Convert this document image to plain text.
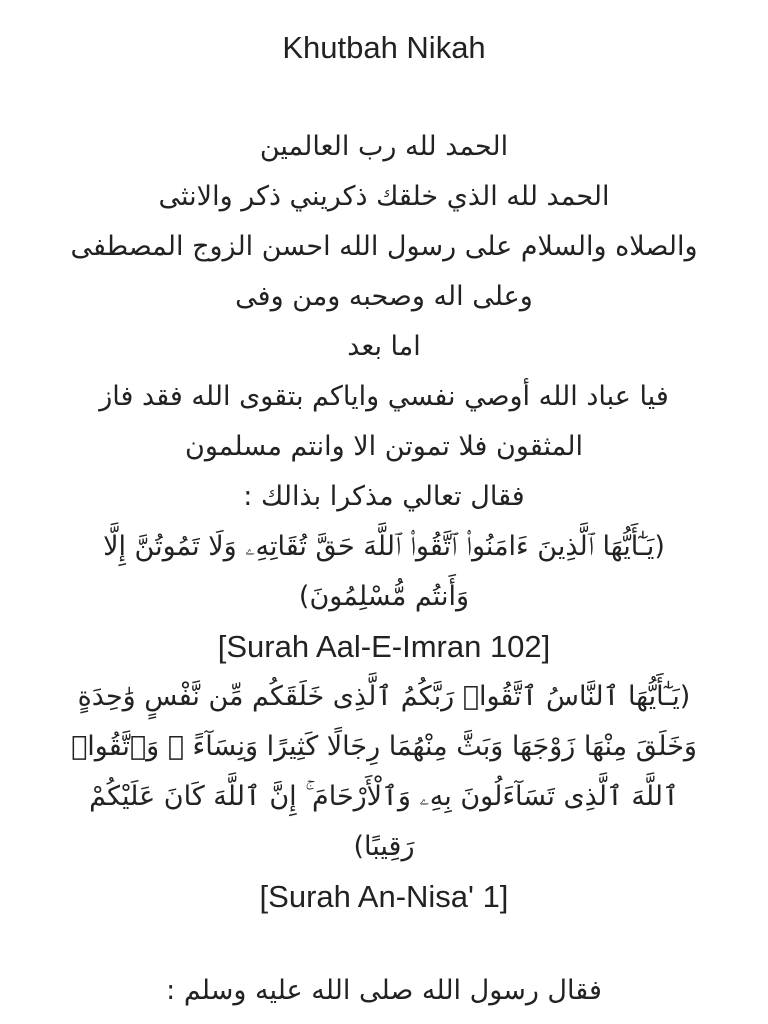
Khutbah Nikah

الحمد لله رب العالمين

الحمد لله الذي خلقك ذكريني ذكر والانثى

والصلاه والسلام على رسول الله احسن الزوج المصطفى

وعلى اله وصحبه ومن وفى

اما بعد

فيا عباد الله أوصي نفسي واياكم بتقوى الله فقد فاز

المثقون فلا تموتن الا وانتم مسلمون

فقال تعالي مذكرا بذالك :

(يَـٰٓأَيُّهَا ٱلَّذِينَ ءَامَنُوا۟ ٱتَّقُوا۟ ٱللَّهَ حَقَّ تُقَاتِهِۦ وَلَا تَمُوتُنَّ إِلَّا

وَأَنتُم مُّسْلِمُونَ)

[Surah Aal-E-Imran 102]

(يَـٰٓأَيُّهَا ٱلنَّاسُ ٱتَّقُوا۟ رَبَّكُمُ ٱلَّذِى خَلَقَكُم مِّن نَّفْسٍ وَٰحِدَةٍ

وَخَلَقَ مِنْهَا زَوْجَهَا وَبَثَّ مِنْهُمَا رِجَالًا كَثِيرًا وَنِسَآءً ۚ وَٱتَّقُوا۟

ٱللَّهَ ٱلَّذِى تَسَآءَلُونَ بِهِۦ وَٱلْأَرْحَامَ ۚ إِنَّ ٱللَّهَ كَانَ عَلَيْكُمْ

رَقِيبًا)

[Surah An-Nisa' 1]

فقال رسول الله صلى الله عليه وسلم :
